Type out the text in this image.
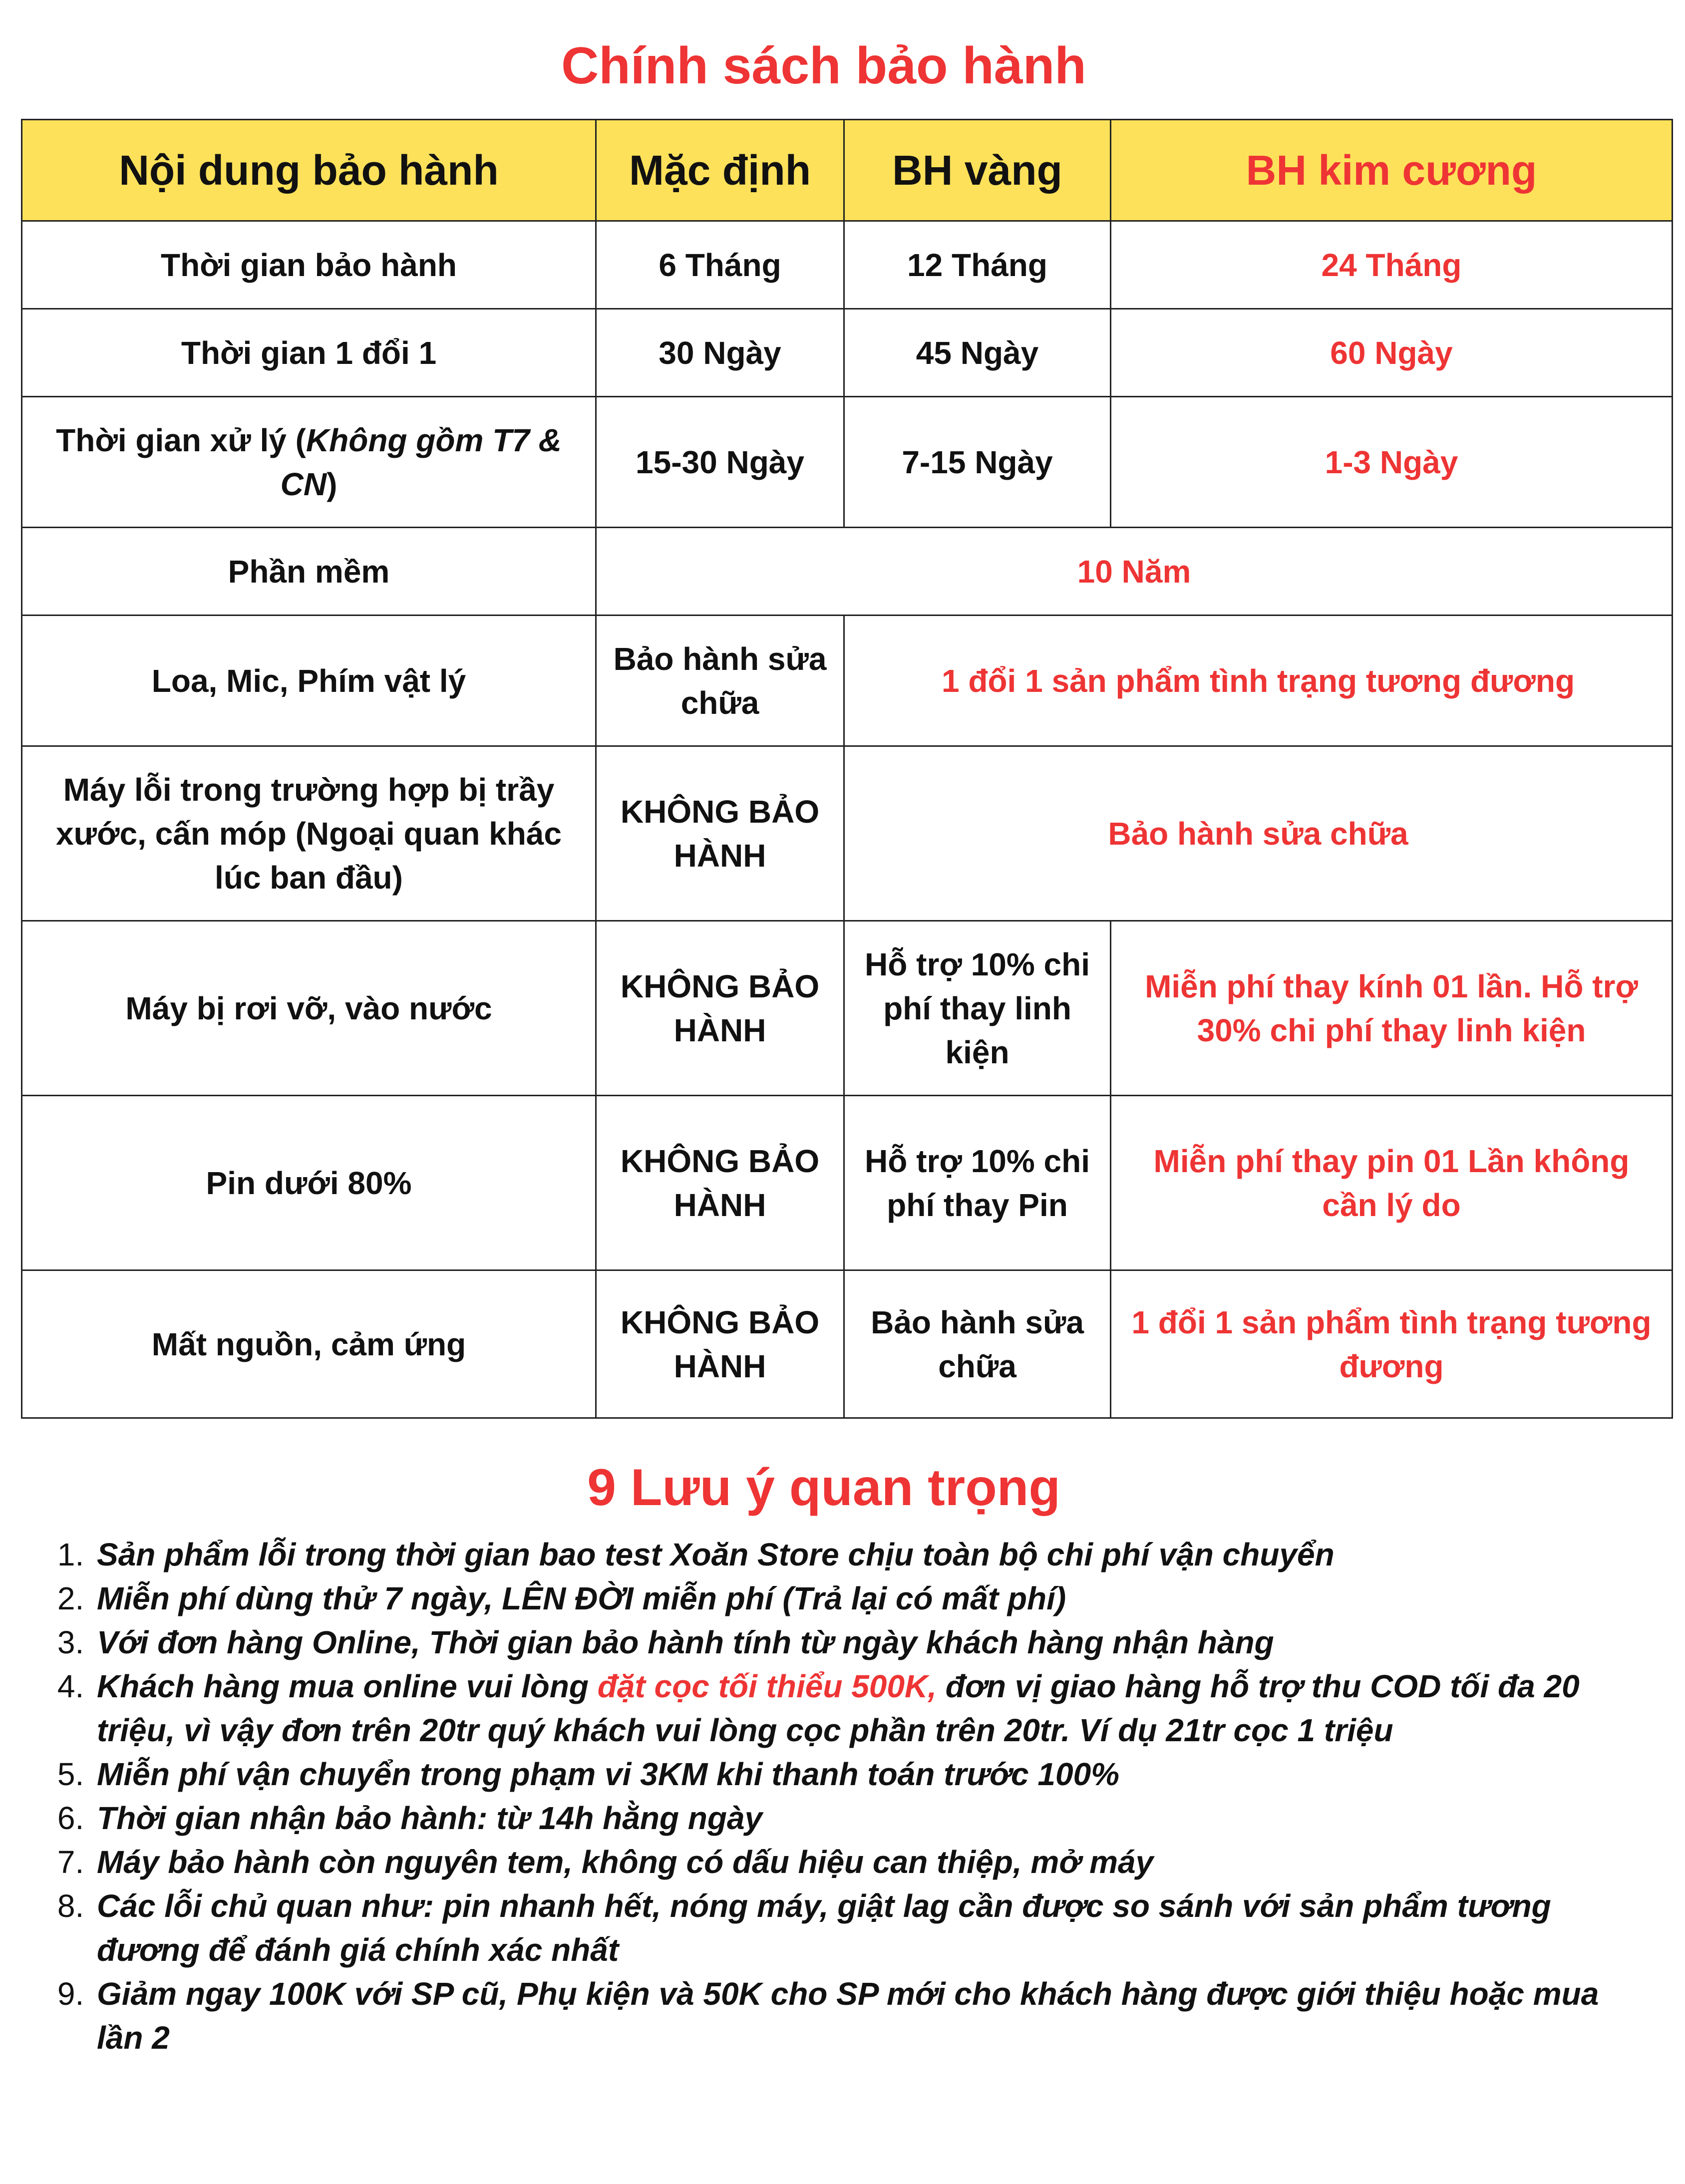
Chính sách bảo hành
Nội dung bảo hành	Mặc định	BH vàng	BH kim cương
Thời gian bảo hành	6 Tháng	12 Tháng	24 Tháng
Thời gian 1 đổi 1	30 Ngày	45 Ngày	60 Ngày
Thời gian xử lý (Không gồm T7 & CN)	15-30 Ngày	7-15 Ngày	1-3 Ngày
Phần mềm	10 Năm		
Loa, Mic, Phím vật lý	Bảo hành sửa chữa	1 đổi 1 sản phẩm tình trạng tương đương	
Máy lỗi trong trường hợp bị trầy xước, cấn móp (Ngoại quan khác lúc ban đầu)	KHÔNG BẢO HÀNH	Bảo hành sửa chữa	
Máy bị rơi vỡ, vào nước	KHÔNG BẢO HÀNH	Hỗ trợ 10% chi phí thay linh kiện	Miễn phí thay kính 01 lần. Hỗ trợ 30% chi phí thay linh kiện
Pin dưới 80%	KHÔNG BẢO HÀNH	Hỗ trợ 10% chi phí thay Pin	Miễn phí thay pin 01 Lần không cần lý do
Mất nguồn, cảm ứng	KHÔNG BẢO HÀNH	Bảo hành sửa chữa	1 đổi 1 sản phẩm tình trạng tương đương
9 Lưu ý quan trọng
1. Sản phẩm lỗi trong thời gian bao test Xoăn Store chịu toàn bộ chi phí vận chuyển
2. Miễn phí dùng thử 7 ngày, LÊN ĐỜI miễn phí (Trả lại có mất phí)
3. Với đơn hàng Online, Thời gian bảo hành tính từ ngày khách hàng nhận hàng
4. Khách hàng mua online vui lòng đặt cọc tối thiểu 500K, đơn vị giao hàng hỗ trợ thu COD tối đa 20 triệu, vì vậy đơn trên 20tr quý khách vui lòng cọc phần trên 20tr. Ví dụ 21tr cọc 1 triệu
5. Miễn phí vận chuyển trong phạm vi 3KM khi thanh toán trước 100%
6. Thời gian nhận bảo hành: từ 14h hằng ngày
7. Máy bảo hành còn nguyên tem, không có dấu hiệu can thiệp, mở máy
8. Các lỗi chủ quan như: pin nhanh hết, nóng máy, giật lag cần được so sánh với sản phẩm tương đương để đánh giá chính xác nhất
9. Giảm ngay 100K với SP cũ, Phụ kiện và 50K cho SP mới cho khách hàng được giới thiệu hoặc mua lần 2
